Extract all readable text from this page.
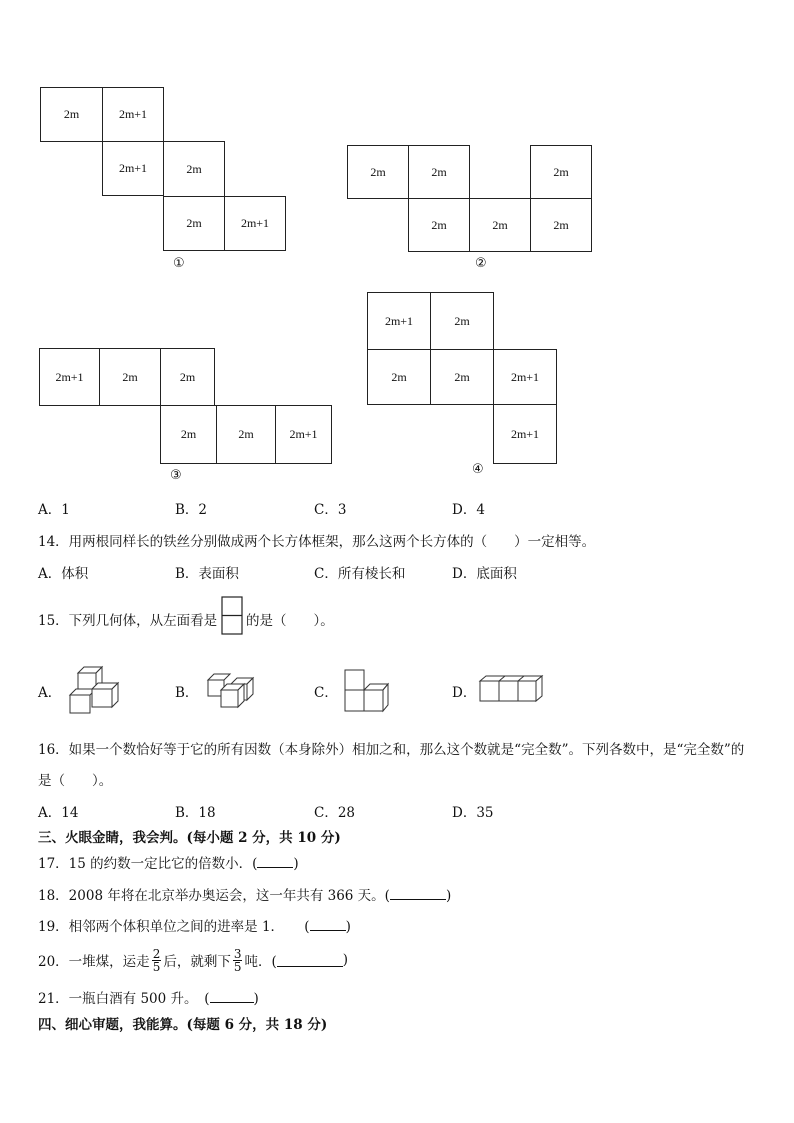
2m	2m+1
2m+1	2m
2m	2m+1
①
2m	2m	2m
2m	2m	2m
②
2m+1	2m	2m
2m	2m	2m+1
③
2m+1	2m
2m	2m	2m+1
2m+1
④
A．1	B．2	C．3	D．4
14．用两根同样长的铁丝分别做成两个长方体框架，那么这两个长方体的（　　）一定相等。
A．体积	B．表面积	C．所有棱长和	D．底面积
15．下列几何体，从左面看是 的是（　　）。
A．	B．	C．	D．
16．如果一个数恰好等于它的所有因数（本身除外）相加之和，那么这个数就是“完全数”。下列各数中，是“完全数”的
是（　　）。
A．14	B．18	C．28	D．35
三、火眼金睛，我会判。(每小题 2 分，共 10 分)
17．15 的约数一定比它的倍数小．(	)
18．2008 年将在北京举办奥运会，这一年共有 366 天。(	)
19．相邻两个体积单位之间的进率是 1．　　(	)
20．一堆煤，运走 $\frac{2}{5}$ 后，就剩下 $\frac{3}{5}$ 吨．(	)
21．一瓶白酒有 500 升。　(	)
四、细心审题，我能算。(每题 6 分，共 18 分)
